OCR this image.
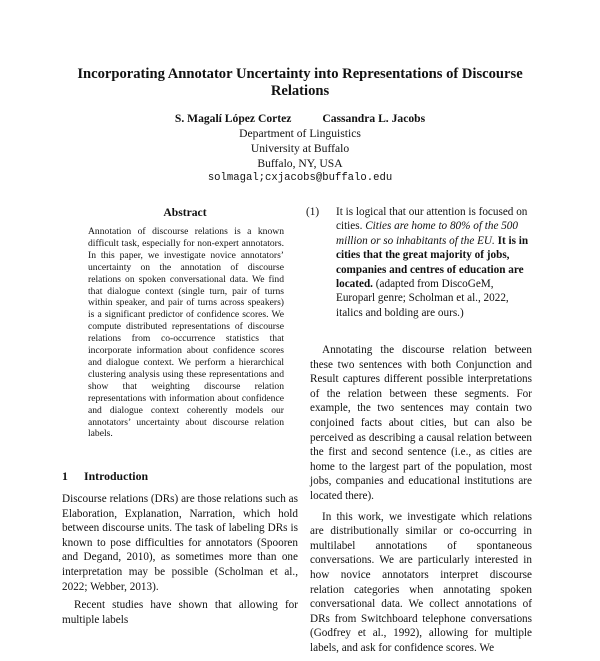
Incorporating Annotator Uncertainty into Representations of Discourse Relations
S. Magalí López Cortez	Cassandra L. Jacobs
Department of Linguistics
University at Buffalo
Buffalo, NY, USA
solmagal;cxjacobs@buffalo.edu
Abstract
Annotation of discourse relations is a known difficult task, especially for non-expert annotators. In this paper, we investigate novice annotators’ uncertainty on the annotation of discourse relations on spoken conversational data. We find that dialogue context (single turn, pair of turns within speaker, and pair of turns across speakers) is a significant predictor of confidence scores. We compute distributed representations of discourse relations from co-occurrence statistics that incorporate information about confidence scores and dialogue context. We perform a hierarchical clustering analysis using these representations and show that weighting discourse relation representations with information about confidence and dialogue context coherently models our annotators’ uncertainty about discourse relation labels.
1 Introduction

Discourse relations (DRs) are those relations such as Elaboration, Explanation, Narration, which hold between discourse units. The task of labeling DRs is known to pose difficulties for annotators (Spooren and Degand, 2010), as sometimes more than one interpretation may be possible (Scholman et al., 2022; Webber, 2013).

Recent studies have shown that allowing for multiple labels

(1) It is logical that our attention is focused on cities. Cities are home to 80% of the 500 million or so inhabitants of the EU. It is in cities that the great majority of jobs, companies and centres of education are located. (adapted from DiscoGeM, Europarl genre; Scholman et al., 2022, italics and bolding are ours.)

Annotating the discourse relation between these two sentences with both Conjunction and Result captures different possible interpretations of the relation between these segments. For example, the two sentences may contain two conjoined facts about cities, but can also be perceived as describing a causal relation between the first and second sentence (i.e., as cities are home to the largest part of the population, most jobs, companies and educational institutions are located there).

In this work, we investigate which relations are distributionally similar or co-occurring in multilabel annotations of spontaneous conversations. We are particularly interested in how novice annotators interpret discourse relation categories when annotating spoken conversational data. We collect annotations of DRs from Switchboard telephone conversations (Godfrey et al., 1992), allowing for multiple labels, and ask for confidence scores. We
